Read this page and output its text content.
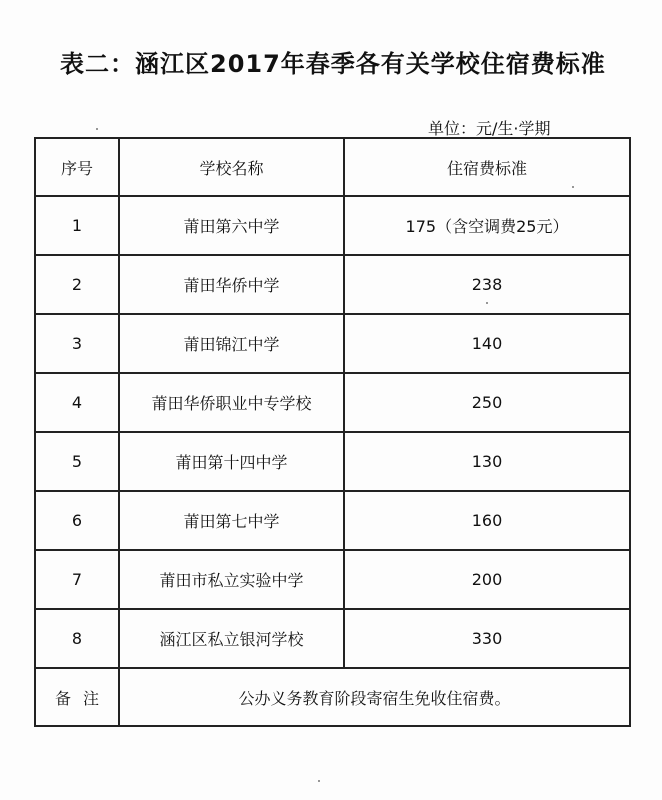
表二：涵江区2017年春季各有关学校住宿费标准
单位：元/生·学期
序号	学校名称	住宿费标准
1	莆田第六中学	175（含空调费25元）
2	莆田华侨中学	238
3	莆田锦江中学	140
4	莆田华侨职业中专学校	250
5	莆田第十四中学	130
6	莆田第七中学	160
7	莆田市私立实验中学	200
8	涵江区私立银河学校	330
备注	公办义务教育阶段寄宿生免收住宿费。	
